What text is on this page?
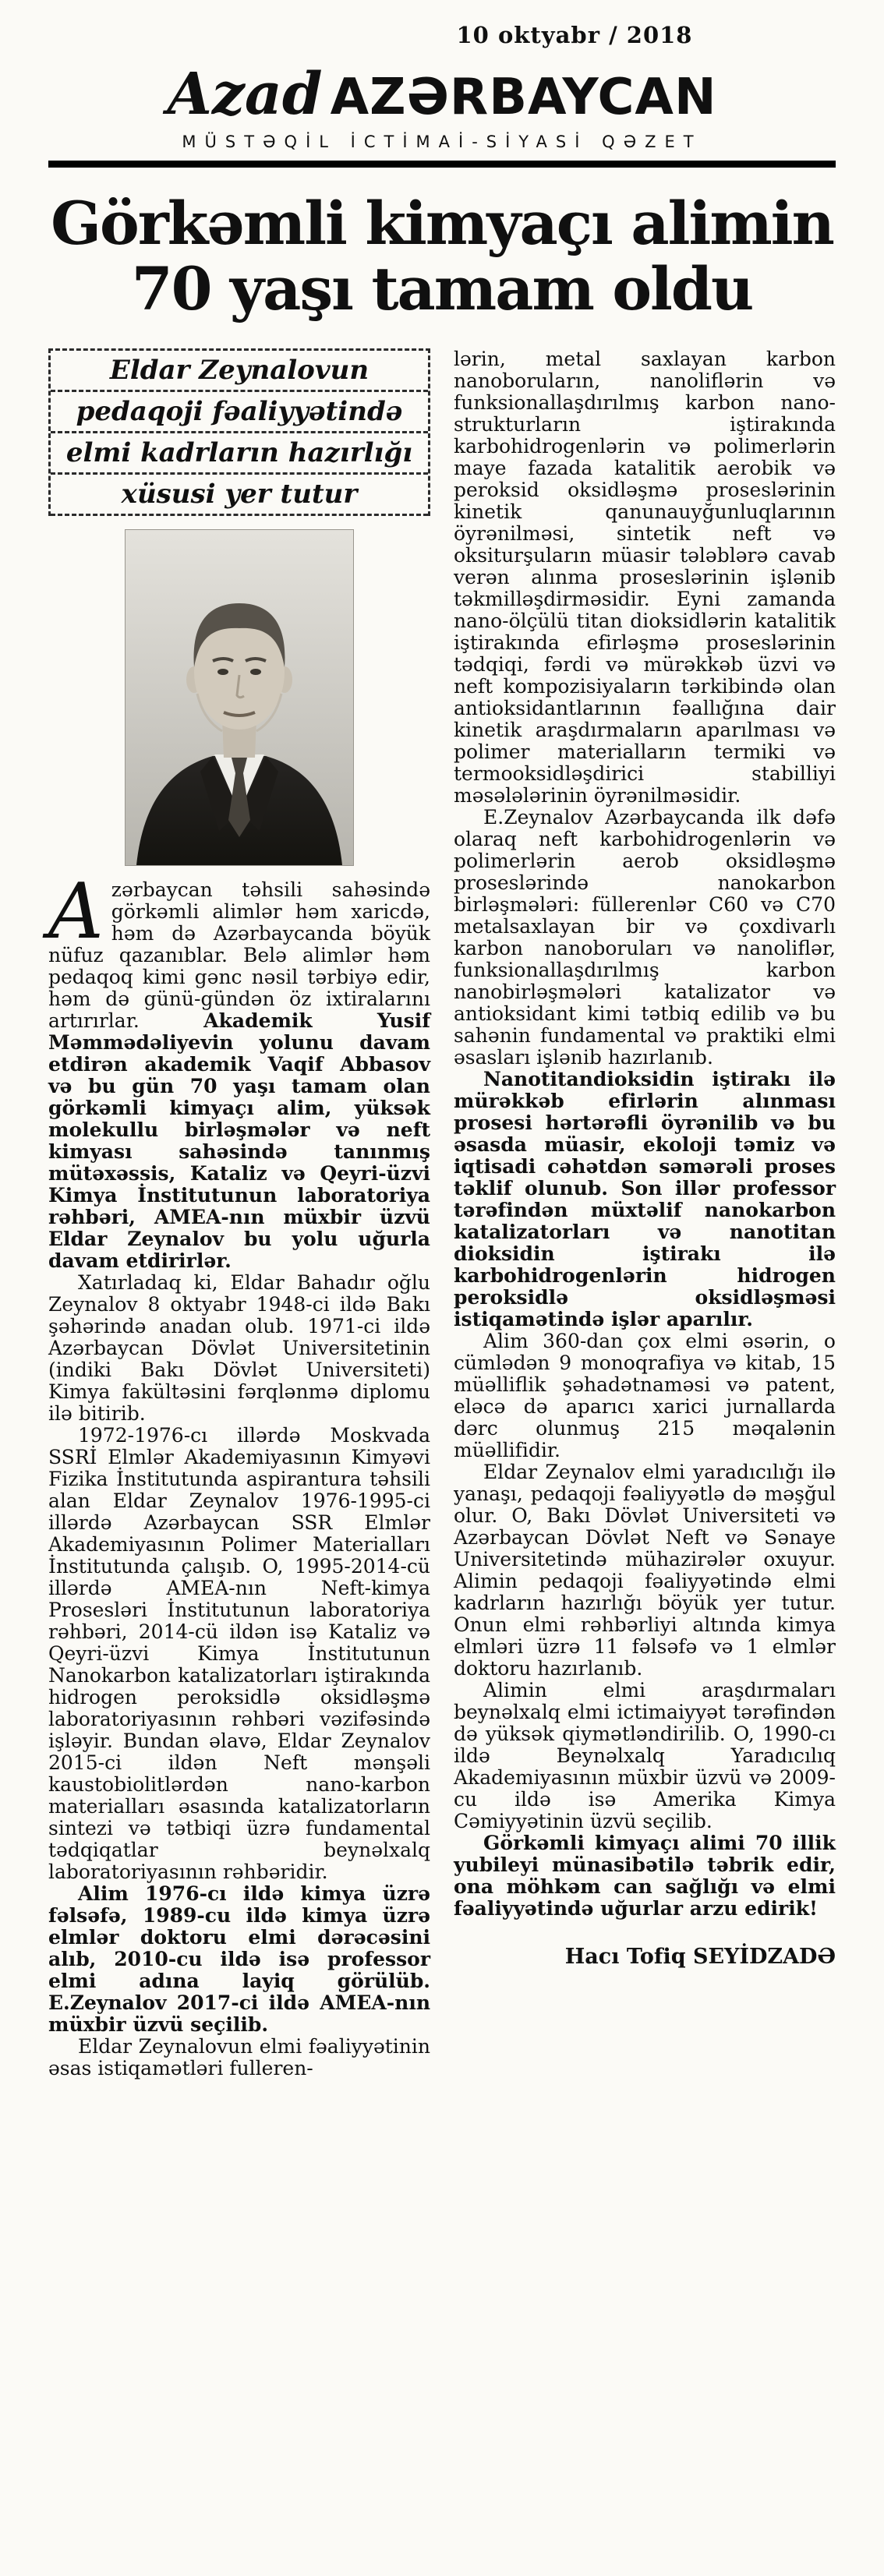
10 oktyabr / 2018
Azad AZƏRBAYCAN
MÜSTƏQİL İCTİMAİ-SİYASİ QƏZET
Görkəmli kimyaçı alimin
70 yaşı tamam oldu
Eldar Zeynalovun
pedaqoji fəaliyyətində
elmi kadrların hazırlığı
xüsusi yer tutur

Azərbaycan təhsili sahəsində görkəmli alimlər həm xaricdə, həm də Azərbaycanda böyük nüfuz qazanıblar. Belə alimlər həm pedaqoq kimi gənc nəsil tərbiyə edir, həm də günü-gündən öz ixtiralarını artırırlar. Akademik Yusif Məmmədəliyevin yolunu davam etdirən akademik Vaqif Abbasov və bu gün 70 yaşı tamam olan görkəmli kimyaçı alim, yüksək molekullu birləşmələr və neft kimyası sahəsində tanınmış mütəxəssis, Kataliz və Qeyri-üzvi Kimya İnstitutunun laboratoriya rəhbəri, AMEA-nın müxbir üzvü Eldar Zeynalov bu yolu uğurla davam etdirirlər.

Xatırladaq ki, Eldar Bahadır oğlu Zeynalov 8 oktyabr 1948-ci ildə Bakı şəhərində anadan olub. 1971-ci ildə Azərbaycan Dövlət Universitetinin (indiki Bakı Dövlət Universiteti) Kimya fakültəsini fərqlənmə diplomu ilə bitirib.

1972-1976-cı illərdə Moskvada SSRİ Elmlər Akademiyasının Kimyəvi Fizika İnstitutunda aspirantura təhsili alan Eldar Zeynalov 1976-1995-ci illərdə Azərbaycan SSR Elmlər Akademiyasının Polimer Materialları İnstitutunda çalışıb. O, 1995-2014-cü illərdə AMEA-nın Neft-kimya Prosesləri İnstitutunun laboratoriya rəhbəri, 2014-cü ildən isə Kataliz və Qeyri-üzvi Kimya İnstitutunun Nanokarbon katalizatorları iştirakında hidrogen peroksidlə oksidləşmə laboratoriyasının rəhbəri vəzifəsində işləyir. Bundan əlavə, Eldar Zeynalov 2015-ci ildən Neft mənşəli kaustobiolitlərdən nano-karbon materialları əsasında katalizatorların sintezi və tətbiqi üzrə fundamental tədqiqatlar beynəlxalq laboratoriyasının rəhbəridir.

Alim 1976-cı ildə kimya üzrə fəlsəfə, 1989-cu ildə kimya üzrə elmlər doktoru elmi dərəcəsini alıb, 2010-cu ildə isə professor elmi adına layiq görülüb. E.Zeynalov 2017-ci ildə AMEA-nın müxbir üzvü seçilib.

Eldar Zeynalovun elmi fəaliyyətinin əsas istiqamətləri fulleren-

lərin, metal saxlayan karbon nanoboruların, nanoliflərin və funksionallaşdırılmış karbon nano-strukturların iştirakında karbohidrogenlərin və polimerlərin maye fazada katalitik aerobik və peroksid oksidləşmə proseslərinin kinetik qanunauyğunluqlarının öyrənilməsi, sintetik neft və oksiturşuların müasir tələblərə cavab verən alınma proseslərinin işlənib təkmilləşdirməsidir. Eyni zamanda nano-ölçülü titan dioksidlərin katalitik iştirakında efirləşmə proseslərinin tədqiqi, fərdi və mürəkkəb üzvi və neft kompozisiyaların tərkibində olan antioksidantlarının fəallığına dair kinetik araşdırmaların aparılması və polimer materialların termiki və termooksidləşdirici stabilliyi məsələlərinin öyrənilməsidir.

E.Zeynalov Azərbaycanda ilk dəfə olaraq neft karbohidrogenlərin və polimerlərin aerob oksidləşmə proseslərində nanokarbon birləşmələri: füllerenlər C60 və C70 metalsaxlayan bir və çoxdivarlı karbon nanoboruları və nanoliflər, funksionallaşdırılmış karbon nanobirləşmələri katalizator və antioksidant kimi tətbiq edilib və bu sahənin fundamental və praktiki elmi əsasları işlənib hazırlanıb.

Nanotitandioksidin iştirakı ilə mürəkkəb efirlərin alınması prosesi hərtərəfli öyrənilib və bu əsasda müasir, ekoloji təmiz və iqtisadi cəhətdən səmərəli proses təklif olunub. Son illər professor tərəfindən müxtəlif nanokarbon katalizatorları və nanotitan dioksidin iştirakı ilə karbohidrogenlərin hidrogen peroksidlə oksidləşməsi istiqamətində işlər aparılır.

Alim 360-dan çox elmi əsərin, o cümlədən 9 monoqrafiya və kitab, 15 müəlliflik şəhadətnaməsi və patent, eləcə də aparıcı xarici jurnallarda dərc olunmuş 215 məqalənin müəllifidir.

Eldar Zeynalov elmi yaradıcılığı ilə yanaşı, pedaqoji fəaliyyətlə də məşğul olur. O, Bakı Dövlət Universiteti və Azərbaycan Dövlət Neft və Sənaye Universitetində mühazirələr oxuyur. Alimin pedaqoji fəaliyyətində elmi kadrların hazırlığı böyük yer tutur. Onun elmi rəhbərliyi altında kimya elmləri üzrə 11 fəlsəfə və 1 elmlər doktoru hazırlanıb.

Alimin elmi araşdırmaları beynəlxalq elmi ictimaiyyət tərəfindən də yüksək qiymətləndirilib. O, 1990-cı ildə Beynəlxalq Yaradıcılıq Akademiyasının müxbir üzvü və 2009-cu ildə isə Amerika Kimya Cəmiyyətinin üzvü seçilib.

Görkəmli kimyaçı alimi 70 illik yubileyi münasibətilə təbrik edir, ona möhkəm can sağlığı və elmi fəaliyyətində uğurlar arzu edirik!

Hacı Tofiq SEYİDZADƏ
